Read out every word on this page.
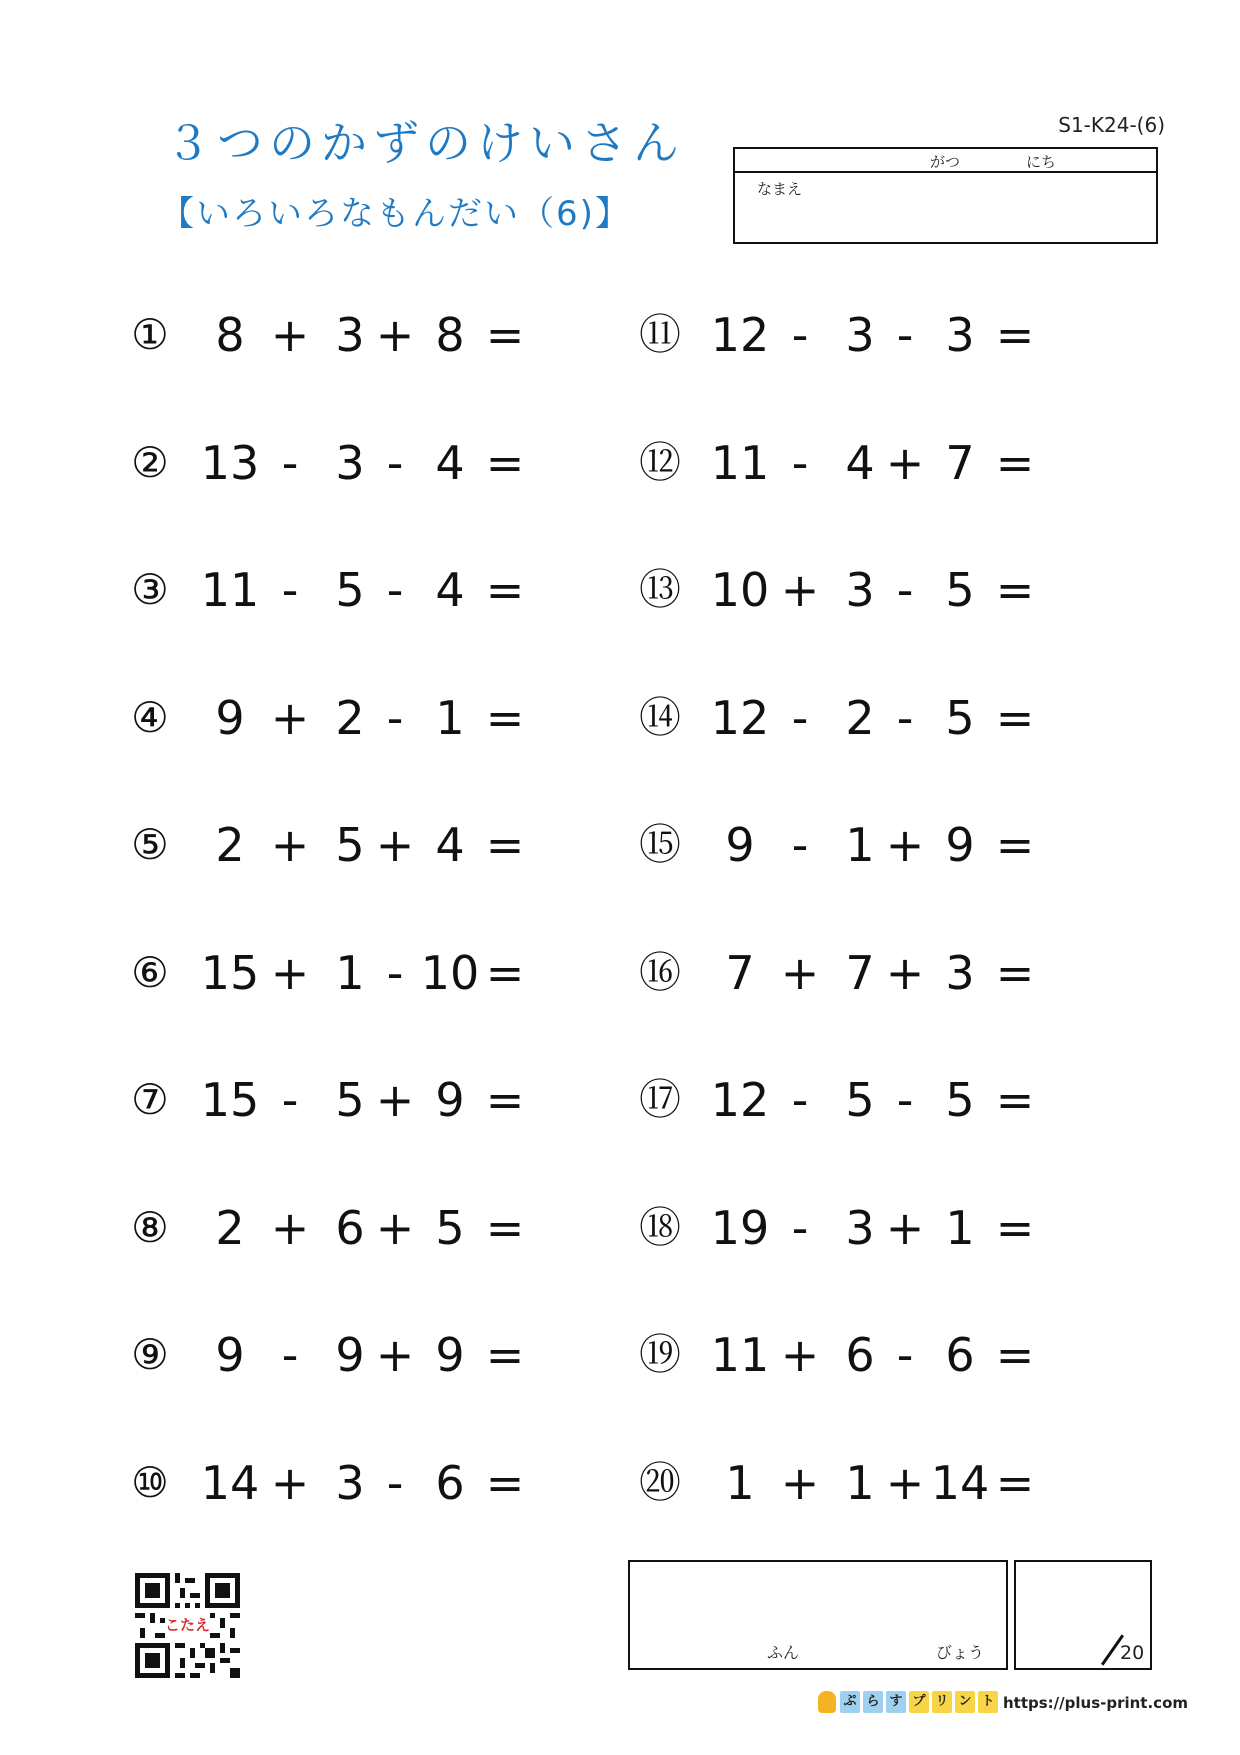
３つのかずのけいさん
【いろいろなもんだい（6)】
S1-K24-(6)
がつ	にち
なまえ
①	8 + 3 + 8 =
② 13 - 3 - 4 =
③ 11 - 5 - 4 =
④	9 + 2 - 1 =
⑤	2 + 5 + 4 =
⑥ 15 + 1 - 10 =
⑦ 15 - 5 + 9 =
⑧	2 + 6 + 5 =
⑨	9 - 9 + 9 =
⑩ 14 + 3 - 6 =
⑪ 12 - 3 - 3 =
⑫ 11 - 4 + 7 =
⑬ 10 + 3 - 5 =
⑭ 12 - 2 - 5 =
⑮ 9 - 1 + 9 =
⑯ 7 + 7 + 3 =
⑰ 12 - 5 - 5 =
⑱ 19 - 3 + 1 =
⑲ 11 + 6 - 6 =
⑳ 1 + 1 + 14 =
こたえ
ふん	びょう	20
ぷ ら す プ リ ン ト https://plus-print.com
